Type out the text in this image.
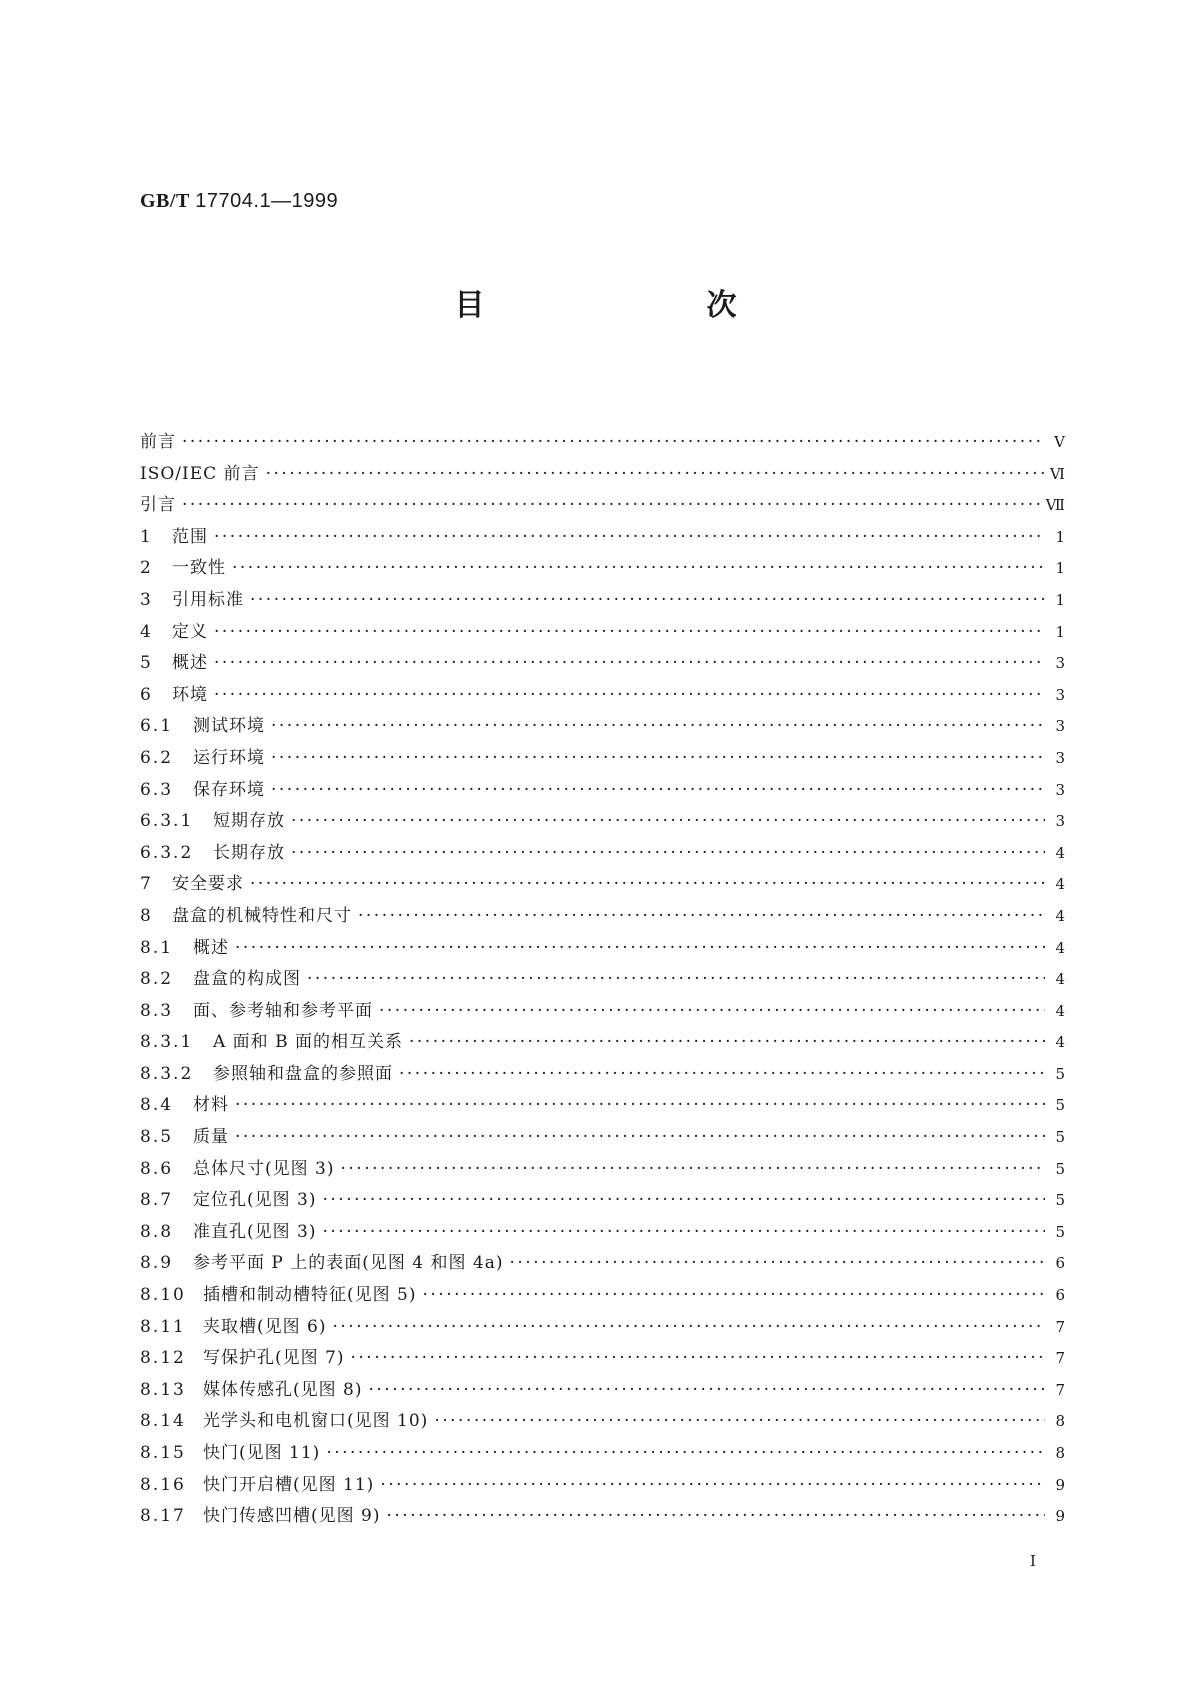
GB/T 17704.1—1999
目　次
前言 ·····	Ⅴ
ISO/IEC 前言 ·····	Ⅵ
引言 ·····	Ⅶ
1	范围 ·····	1
2	一致性 ·····	1
3	引用标准 ·····	1
4	定义 ·····	1
5	概述 ·····	3
6	环境 ·····	3
6.1	测试环境 ·····	3
6.2	运行环境 ·····	3
6.3	保存环境 ·····	3
6.3.1	短期存放 ·····	3
6.3.2	长期存放 ·····	4
7	安全要求 ·····	4
8	盘盒的机械特性和尺寸 ·····	4
8.1	概述 ·····	4
8.2	盘盒的构成图 ·····	4
8.3	面、参考轴和参考平面 ·····	4
8.3.1	A 面和 B 面的相互关系 ·····	4
8.3.2	参照轴和盘盒的参照面 ·····	5
8.4	材料 ·····	5
8.5	质量 ·····	5
8.6	总体尺寸(见图 3) ·····	5
8.7	定位孔(见图 3) ·····	5
8.8	准直孔(见图 3) ·····	5
8.9	参考平面 P 上的表面(见图 4 和图 4a) ·····	6
8.10	插槽和制动槽特征(见图 5) ·····	6
8.11	夹取槽(见图 6) ·····	7
8.12	写保护孔(见图 7) ·····	7
8.13	媒体传感孔(见图 8) ·····	7
8.14	光学头和电机窗口(见图 10) ·····	8
8.15	快门(见图 11) ·····	8
8.16	快门开启槽(见图 11) ·····	9
8.17	快门传感凹槽(见图 9) ·····	9
Ⅰ
